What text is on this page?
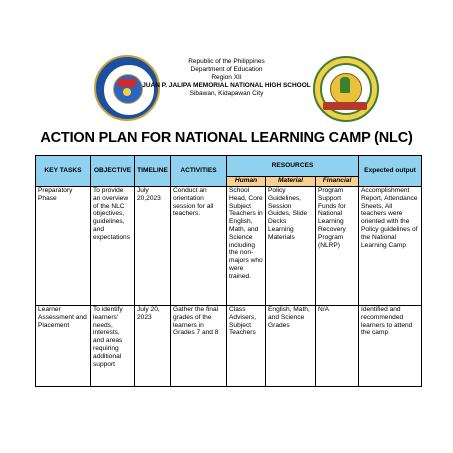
Republic of the Philippines
Department of Education
Region XII
JUAN P. JALIPA MEMORIAL NATIONAL HIGH SCHOOL
Sibawan, Kidapawan City
ACTION PLAN FOR NATIONAL LEARNING CAMP (NLC)
KEY TASKS	OBJECTIVE	TIMELINE	ACTIVITIES	RESOURCES			Expected output
				Human	Material	Financial	
Preparatory Phase	To provide an overview of the NLC objectives, guidelines, and expectations	July 20,2023	Conduct an orientation session for all teachers.	School Head, Core Subject Teachers in English, Math, and Science including the non-majors who were trained.	Policy Guidelines, Session Guides, Slide Decks Learning Materials	Program Support Funds for National Learning Recovery Program (NLRP)	Accomplishment Report, Attendance Sheets, All teachers were oriented with the Policy guidelines of the National Learning Camp
Learner Assessment and Placement	To identify learners' needs, interests, and areas requiring additional support	July 20, 2023	Gather the final grades of the learners in Grades 7 and 8	Class Advisers, Subject Teachers	English, Math, and Science Grades	N/A	Identified and recommended learners to attend the camp
